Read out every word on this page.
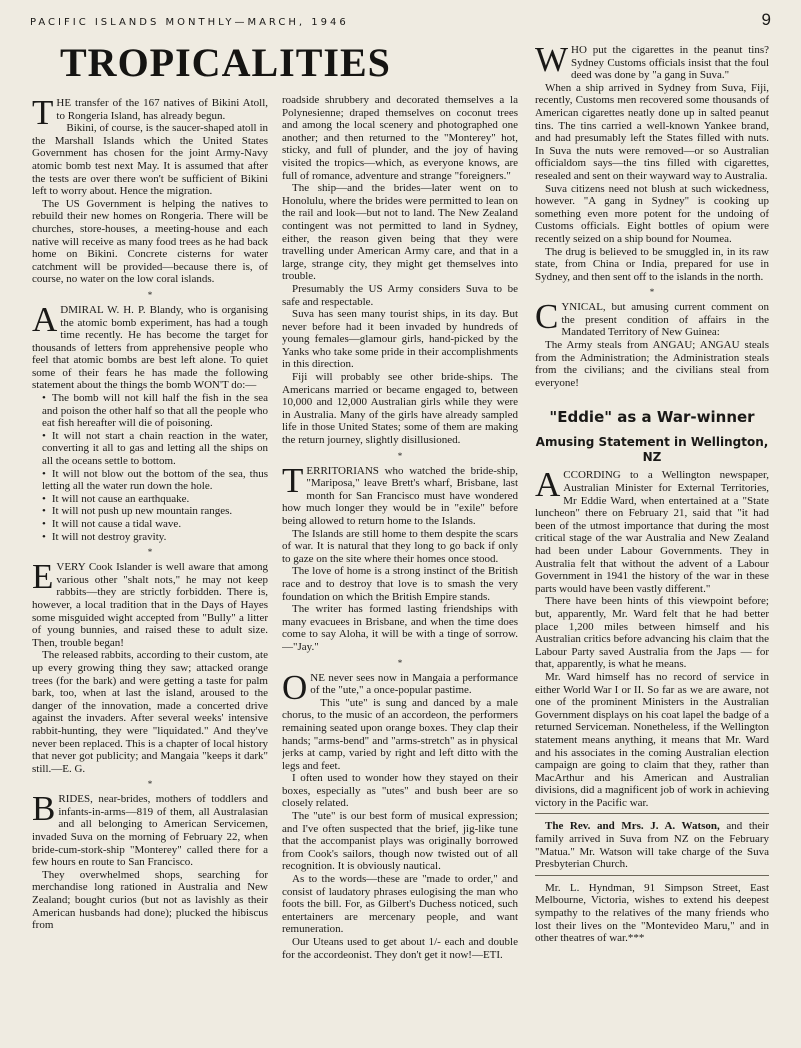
PACIFIC ISLANDS MONTHLY—MARCH, 1946	9
TROPICALITIES

THE transfer of the 167 natives of Bikini Atoll, to Rongeria Island, has already begun.

Bikini, of course, is the saucer-shaped atoll in the Marshall Islands which the United States Government has chosen for the joint Army-Navy atomic bomb test next May. It is assumed that after the tests are over there won't be sufficient of Bikini left to worry about. Hence the migration.

The US Government is helping the natives to rebuild their new homes on Rongeria. There will be churches, store-houses, a meeting-house and each native will receive as many food trees as he had back home on Bikini. Concrete cisterns for water catchment will be provided—because there is, of course, no water on the low coral islands.

*

ADMIRAL W. H. P. Blandy, who is organising the atomic bomb experiment, has had a tough time recently. He has become the target for thousands of letters from apprehensive people who feel that atomic bombs are best left alone. To quiet some of their fears he has made the following statement about the things the bomb WON'T do:—

• The bomb will not kill half the fish in the sea and poison the other half so that all the people who eat fish hereafter will die of poisoning.

• It will not start a chain reaction in the water, converting it all to gas and letting all the ships on all the oceans settle to bottom.

• It will not blow out the bottom of the sea, thus letting all the water run down the hole.

• It will not cause an earthquake.

• It will not push up new mountain ranges.

• It will not cause a tidal wave.

• It will not destroy gravity.

*

EVERY Cook Islander is well aware that among various other "shalt nots," he may not keep rabbits—they are strictly forbidden. There is, however, a local tradition that in the Days of Hayes some misguided wight accepted from "Bully" a litter of young bunnies, and raised these to adult size. Then, trouble began!

The released rabbits, according to their custom, ate up every growing thing they saw; attacked orange trees (for the bark) and were getting a taste for palm bark, too, when at last the island, aroused to the danger of the innovation, made a concerted drive against the invaders. After several weeks' intensive rabbit-hunting, they were "liquidated." And they've never been replaced. This is a chapter of local history that never got publicity; and Mangaia "keeps it dark" still.—E. G.

*

BRIDES, near-brides, mothers of toddlers and infants-in-arms—819 of them, all Australasian and all belonging to American Servicemen, invaded Suva on the morning of February 22, when bride-cum-stork-ship "Monterey" called there for a few hours en route to San Francisco.

They overwhelmed shops, searching for merchandise long rationed in Australia and New Zealand; bought curios (but not as lavishly as their American husbands had done); plucked the hibiscus from

roadside shrubbery and decorated themselves a la Polynesienne; draped themselves on coconut trees and among the local scenery and photographed one another; and then returned to the "Monterey" hot, sticky, and full of plunder, and the joy of having visited the tropics—which, as everyone knows, are full of romance, adventure and strange "foreigners."

The ship—and the brides—later went on to Honolulu, where the brides were permitted to lean on the rail and look—but not to land. The New Zealand contingent was not permitted to land in Sydney, either, the reason given being that they were travelling under American Army care, and that in a large, strange city, they might get themselves into trouble.

Presumably the US Army considers Suva to be safe and respectable.

Suva has seen many tourist ships, in its day. But never before had it been invaded by hundreds of young females—glamour girls, hand-picked by the Yanks who take some pride in their accomplishments in this direction.

Fiji will probably see other bride-ships. The Americans married or became engaged to, between 10,000 and 12,000 Australian girls while they were in Australia. Many of the girls have already sampled life in those United States; some of them are making the return journey, slightly disillusioned.

*

TERRITORIANS who watched the bride-ship, "Mariposa," leave Brett's wharf, Brisbane, last month for San Francisco must have wondered how much longer they would be in "exile" before being allowed to return home to the Islands.

The Islands are still home to them despite the scars of war. It is natural that they long to go back if only to gaze on the site where their homes once stood.

The love of home is a strong instinct of the British race and to destroy that love is to smash the very foundation on which the British Empire stands.

The writer has formed lasting friendships with many evacuees in Brisbane, and when the time does come to say Aloha, it will be with a tinge of sorrow.—"Jay."

*

ONE never sees now in Mangaia a performance of the "ute," a once-popular pastime.

This "ute" is sung and danced by a male chorus, to the music of an accordeon, the performers remaining seated upon orange boxes. They clap their hands; "arms-bend" and "arms-stretch" as in physical jerks at camp, varied by right and left ditto with the legs and feet.

I often used to wonder how they stayed on their boxes, especially as "utes" and bush beer are so closely related.

The "ute" is our best form of musical expression; and I've often suspected that the brief, jig-like tune that the accompanist plays was originally borrowed from Cook's sailors, though now twisted out of all recognition. It is obviously nautical.

As to the words—these are "made to order," and consist of laudatory phrases eulogising the man who foots the bill. For, as Gilbert's Duchess noticed, such entertainers are mercenary people, and want remuneration.

Our Uteans used to get about 1/- each and double for the accordeonist. They don't get it now!—ETI.

WHO put the cigarettes in the peanut tins? Sydney Customs officials insist that the foul deed was done by "a gang in Suva."

When a ship arrived in Sydney from Suva, Fiji, recently, Customs men recovered some thousands of American cigarettes neatly done up in salted peanut tins. The tins carried a well-known Yankee brand, and had presumably left the States filled with nuts. In Suva the nuts were removed—or so Australian officialdom says—the tins filled with cigarettes, resealed and sent on their wayward way to Australia.

Suva citizens need not blush at such wickedness, however. "A gang in Sydney" is cooking up something even more potent for the undoing of Customs officials. Eight bottles of opium were recently seized on a ship bound for Noumea.

The drug is believed to be smuggled in, in its raw state, from China or India, prepared for use in Sydney, and then sent off to the islands in the north.

*

CYNICAL, but amusing current comment on the present condition of affairs in the Mandated Territory of New Guinea:

The Army steals from ANGAU; ANGAU steals from the Administration; the Administration steals from the civilians; and the civilians steal from everyone!

"Eddie" as a War-winner
Amusing Statement in Wellington, NZ

ACCORDING to a Wellington newspaper, Australian Minister for External Territories, Mr Eddie Ward, when entertained at a "State luncheon" there on February 21, said that "it had been of the utmost importance that during the most critical stage of the war Australia and New Zealand had been under Labour Governments. They in Australia felt that without the advent of a Labour Government in 1941 the history of the war in these parts would have been vastly different."

There have been hints of this viewpoint before; but, apparently, Mr. Ward felt that he had better place 1,200 miles between himself and his Australian critics before advancing his claim that the Labour Party saved Australia from the Japs — for that, apparently, is what he means.

Mr. Ward himself has no record of service in either World War I or II. So far as we are aware, not one of the prominent Ministers in the Australian Government displays on his coat lapel the badge of a returned Serviceman. Nonetheless, if the Wellington statement means anything, it means that Mr. Ward and his associates in the coming Australian election campaign are going to claim that they, rather than MacArthur and his American and Australian divisions, did a magnificent job of work in achieving victory in the Pacific war.

The Rev. and Mrs. J. A. Watson, and their family arrived in Suva from NZ on the February "Matua." Mr. Watson will take charge of the Suva Presbyterian Church.

Mr. L. Hyndman, 91 Simpson Street, East Melbourne, Victoria, wishes to extend his deepest sympathy to the relatives of the many friends who lost their lives on the "Montevideo Maru," and in other theatres of war.***
